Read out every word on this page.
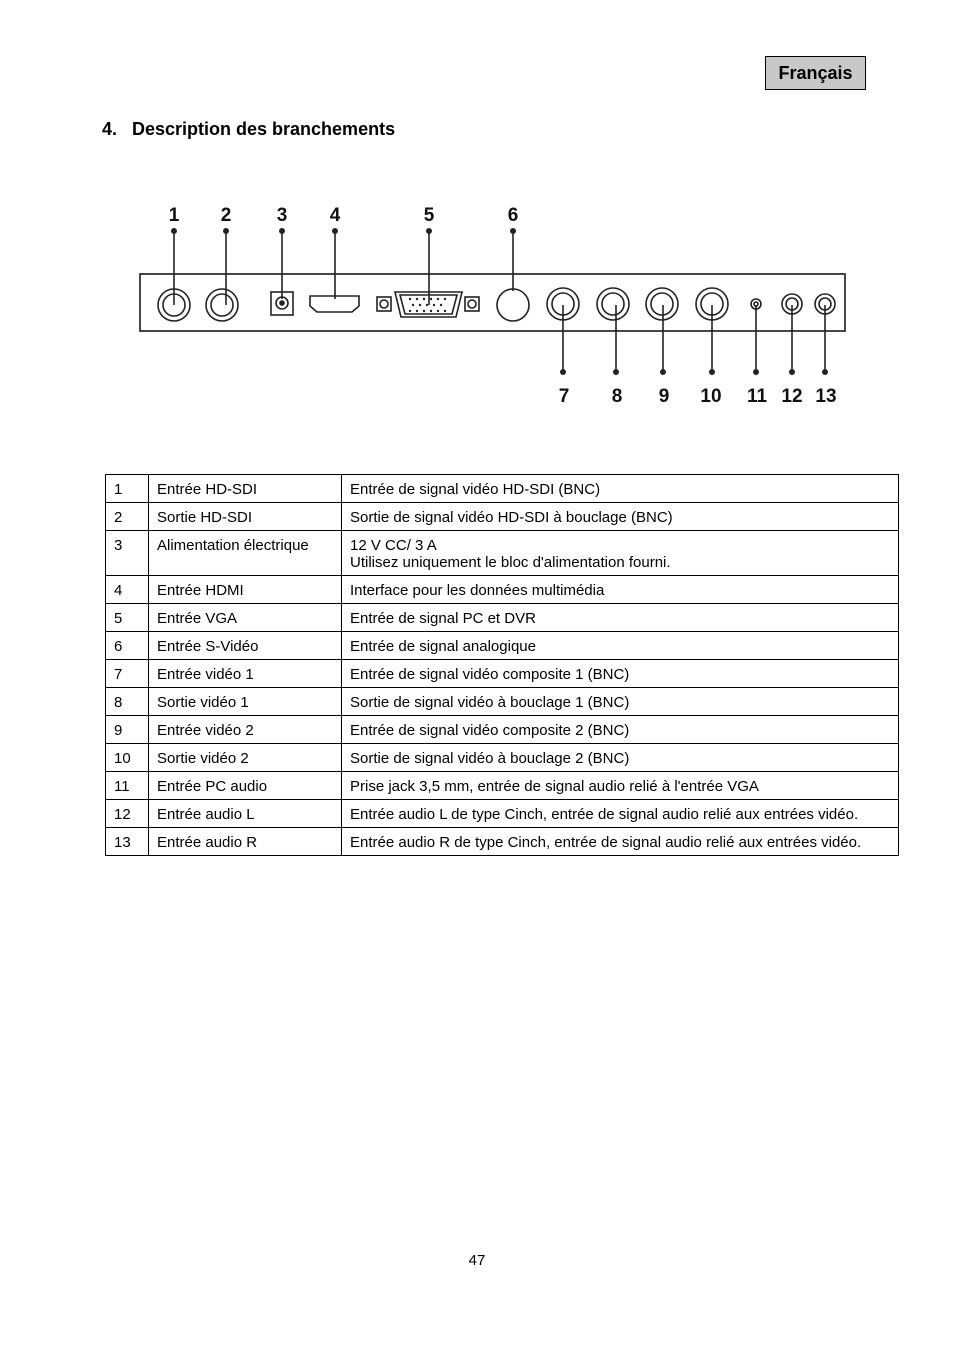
Français
4. Description des branchements
1 2 3 4	5	6
7 8 9 10 11 12 13
1	Entrée HD-SDI	Entrée de signal vidéo HD-SDI (BNC)

2	Sortie HD-SDI	Sortie de signal vidéo HD-SDI à bouclage (BNC)

3	Alimentation électrique	12 V CC/ 3 A
Utilisez uniquement le bloc d'alimentation fourni.

4	Entrée HDMI	Interface pour les données multimédia

5	Entrée VGA	Entrée de signal PC et DVR

6	Entrée S-Vidéo	Entrée de signal analogique

7	Entrée vidéo 1	Entrée de signal vidéo composite 1 (BNC)

8	Sortie vidéo 1	Sortie de signal vidéo à bouclage 1 (BNC)

9	Entrée vidéo 2	Entrée de signal vidéo composite 2 (BNC)

10	Sortie vidéo 2	Sortie de signal vidéo à bouclage 2 (BNC)

11	Entrée PC audio	Prise jack 3,5 mm, entrée de signal audio relié à l'entrée VGA

12	Entrée audio L	Entrée audio L de type Cinch, entrée de signal audio relié aux entrées vidéo.

13	Entrée audio R	Entrée audio R de type Cinch, entrée de signal audio relié aux entrées vidéo.
47
